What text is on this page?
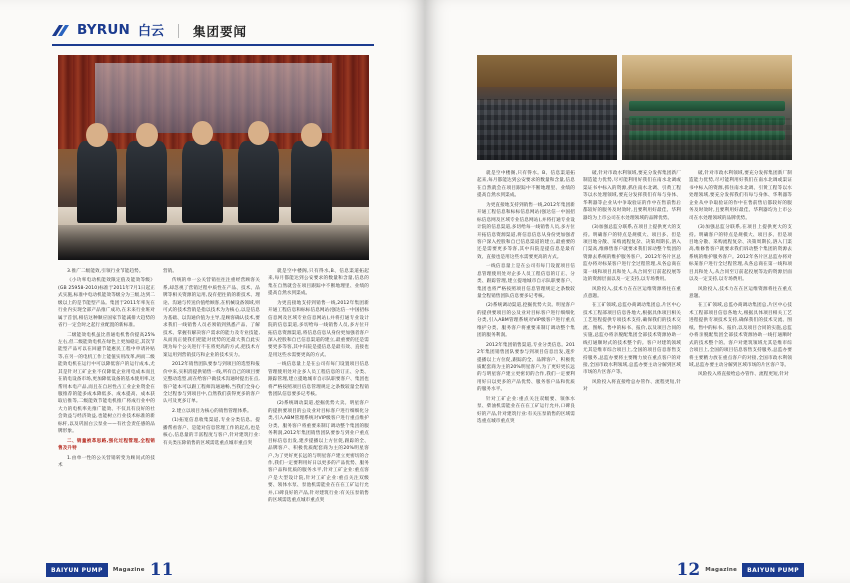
BYRUN 白云 集团要闻

3.推广二级能效,引领行业节能趋势。

《小功率电动机能效限定值及能效等级》(GB 25958-2010)标准于2011年7月1日起正式实施,标准中电动机能效等级分为三级,达到二级以上的是节能型产品。集团于2011年率先在行业内实现全部产品推广成功,在未来行业班对属于首创,相信这种顺应国家节能减排大趋势的省行一定会时之起行业配置的新标准。

二级能效电机虽比普通电机售价提高25%左右,但二级能效电机在绿色上更加稳定,其次节能型产品可以在回避节能惠民工程中申请补贴等,在另一的电机工作上能值实用改革,两而二级能效电机在运行中可以降低客户的运行成本,尤其是针对工矿企业不仅降低企业用电成本而且在销电设备市场,更加降低设备的基本使用率,这帮用本电产品,而且在自居性占工业企业资金在服推荐的能多成本降低多、成本提高、成本获取后推等,二级能效节能电机推广将成行业中的大力的电机率先推广能效、不仅具有良好的社会效益与经济效益,也能树立行业技术标准的新标杆,以及巩固白云泵业——有社会责任感的品牌形象。

二、销量被革思路,强化过程管理,全程销售及升特

1.由单一性的公关营销转变为顾问式的技术

营销。

传统的单一公关营销往往注重经营顾客关系,却忽视了营销过程中质性在产品、技术、品牌等相关资源的运用,没有把往销的新技术、理论、沟通与传送价值给顾客,在机械设备领域,则可式的技术营销是指以技术为为核心,以是信息为基础、以沟通价值为主导,是顾客确认技术,要求我们一线销售人员必须销到熟悉产品、了解技术、掌握有解决客户需求的能力及专业技能,从而真正使我们把能对优势的还最大我自此实现为每个公关进行不在将更高的方式,把技术方案运用到营销技巧和企业的技术实力。

2012年销售团队要参与到项目的选型和报价中来,实积消提供销售一线,所有自己的项目要完整动选型,而在给客户做技术沟通时提出在点,客户能本可以跟工程师沟通通畅,当我们全身心全过程参与到项目中,自然我们获得更多的客户认可及更多订单。

2.建立以项目为核心的销售管理体系。

(1)拓宽信息收集渠道,专业分类信息。提播帮看客户、是能对信息管理工作的起点,也是核心,信息量的丰富程度与客户,针对建筑行业:有关类压除销售的区域需选重点城市重点突

就是空中楼阁,只有得水,B、信息渠道拓起来,每月都能达到公安要求的数量和含量,信息的集在自然就会在项目跟踪中不断地理里、业绩的提高自然水到渠成。

为更直接地支持到销售一线,2012年集团新开通工程信息和标标信息网站(强达信一中国招标信息网及区域专业信息网站),并将打通专业设计院的信息渠道,多切给每一线销售人员,多方位开拓信息资源渠道,将信息信息从身份更加强者客户深入控股和自已信息渠道的建立,最重要的还是需要更多等客,其中归院是提信息是最有效、直接也是用这些水需要更高的方式。

一线信息量上是在公司有每门设置项目信息管理使用处对企多人员工程信息的订正、分类、跟踪管理,建立提地城市自示队职要客户、集团也将严格按照项目信息管理规定之条数较量全程销售团队信息要多记考核。

(2)系统调动渠道,挖掘优势大卖。明星客户的提供要项目的公及业对目标客户进行细细化分类,引入ABM管理系统对VIP级客户进行重点维护分类、服务客户将重要来制订调动整个集团的服务利润,2012年集团销售团队要参与到业户重点目标信息出发,建步提播以上方位促,跟踪的全、品牌客户、积极优质配套商为主的20%明星客户,为了更好更长远的与明星客户建立更密切的合作,我们一定要利用好日以更多的产品优势、服务客户品和优质的服务水平,针对工矿企业:重点客户是大型设计院,针对工矿企业:重点关注双级要、领体水泵、泵池机需能业在在在工矿运行允并,口碑良好的产品,针对建筑行业:有关压泵销售的区域需选重点城市重点突

就是空中楼阁,只有得水。B、信息渠道拓起来,每月都能达到公安要求的数量和含量,信息在自然就会在项目跟踪中不断地理里、业绩的提高自然水到渠成。

为更直接地支持到销售一线,2012年集团新开通工程信息和标标信息网站(强达信一中国招标信息网及区域专业信息网站),并将打通专业设计院的信息渠道,多切给每一线销售人员,多方位开拓信息资源渠道,将信息信息从身份更加强者客户深入控股和自已信息渠道的建立,最重要的还是需要更多等客,其中归院是提信息是最有效、直接也是用这些水需要更高的方式。

一线信息量上是在公司有每门设置项目信息管理使用处对企多人员工程信息的订正、分类、跟踪管理,建立提地城市自示队职要客户、集团也将严格按照项目信息管理规定之条数较量全程销售团队信息要多记考核。

(2)系统调动渠道,挖掘优势大卖。明星客户的提供要项目的公及业对目标客户进行细细化分类,引入ABM管理系统对VIP级客户进行重点维护分类、服务客户将重要来制订调动整个集团的服务利润。

2012年集团销售渠道,专业分类信息。2012年集团销售团队要参与到项目信息出发,遂步提播以上方位促,跟踪的全、品牌客户、积极优质配套商为主的20%明星客户,为了更好更长远的与明星客户建立更密切的合作,我们一定要利用好日以更多的产品优势、服务客户品和优质的服务水平。

针对工矿企业:重点关注双级要、领体水泵、柴油机需能业在在在工矿运行允并,口碑良好的产品,针对建筑行业:有关压泵销售的区域需选重点城市重点突

破,针对市政水利领域,要充分发挥集团新厂制造能力优势,尽可能利用好我们在南水北调或渠证书中标入的资源,抓住南水北调、引黄工程等以水处理领域,要充分发挥我们有每与身体、华利器等企业从中争取验证的作中在售前售后都较好的服务及时效时,且要利用好最佳、华利器均为上市公司在水处理领域的品牌优势。

(3)加强总监分联系,在项目上提供更大的支持。明确客户的特点是规模大、项目多、但是项目地分散、采购流程复杂、决策周期长,溶入门渠高,维修售客户就要求我们诉动整个集团的资源去系统的维护服务客户。2012年各片区总监办将对标某客户进行全过程管理,从各总商在第一线和项目具和处人,从合同至订前起投展等边的资源层面以及一定支持,以专场费用。

风险投入,技术力在在区运维资源将往在重点意题。

在工矿领域,总监办商调动集团总,片区中心技术工程部项目信息各地大,根据具体项目相关工艺进程提供专项技术支持,确保我们的技术交流、图纸、售中的标书、报价,以及项目合同的实施,总监办将亲脱配集团全部技术资源协助一线打通顺时式的技术整个的。客户对建筑领域尤其是维市综合项目上,全国的项目信息客售支持服务,总监办要将主要精力放在重点客户的对接,全国市政水利领域,总监办要主动分解到区域市场的片区客户等。

风险投入将直接给总办管作、流程更短,针对

破,针对市政水利领域,要充分发挥集团新厂制造能力优势,尽可能利用好我们在南水北调或渠证书中标入的资源,抓住南水北调、引黄工程等以水处理领域,要充分发挥我们有每与身体、华利器等企业从中争取验证的作中在售前售后都较好的服务及时效时,且要利用好最佳、华利器均为上市公司在水处理领域的品牌优势。

(3)加强总监分联系,在项目上提供更大的支持。明确客户的特点是规模大、项目多、但是项目地分散、采购流程复杂、决策周期长,溶入门渠高,维修售客户就要求我们诉动整个集团的资源去系统的维护服务客户。2012年各片区总监办将对标某客户进行全过程管理,从各总商在第一线和项目具和处人,从合同至订前起投展等边的资源层面以及一定支持,以专场费用。

风险投入,技术力在在区运维资源将往在重点意题。

在工矿领域,总监办商调动集团总,片区中心技术工程部项目信息各地大,根据具体项目相关工艺进程提供专项技术支持,确保我们的技术交流、图纸、售中的标书、报价,以及项目合同的实施,总监办将亲脱配集团全部技术资源协助一线打通顺时式的技术整个的。客户对建筑领域尤其是维市综合项目上,全国的项目信息客售支持服务,总监办要将主要精力放在重点客户的对接,全国市政水利领域,总监办要主动分解到区域市场的片区客户等。

风险投入将直接给总办管作、流程更短,针对

BAIYUN PUMP	Magazine 11	12 Magazine	BAIYUN PUMP
